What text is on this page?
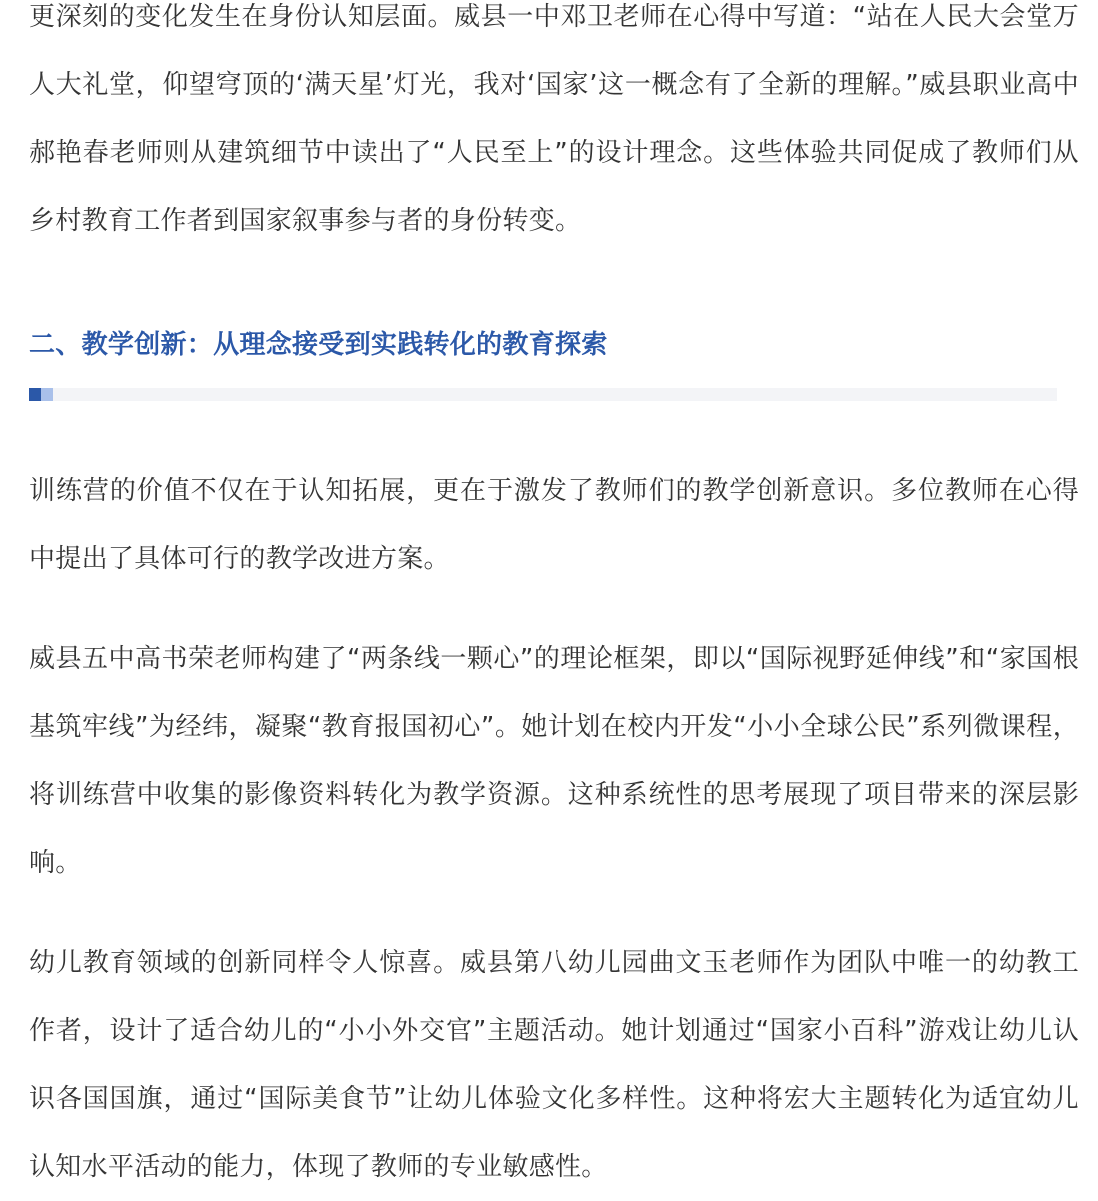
更深刻的变化发生在身份认知层面。威县一中邓卫老师在心得中写道：“站在人民大会堂万人大礼堂，仰望穹顶的‘满天星’灯光，我对‘国家’这一概念有了全新的理解。”威县职业高中郝艳春老师则从建筑细节中读出了“人民至上”的设计理念。这些体验共同促成了教师们从乡村教育工作者到国家叙事参与者的身份转变。

二、教学创新：从理念接受到实践转化的教育探索

训练营的价值不仅在于认知拓展，更在于激发了教师们的教学创新意识。多位教师在心得中提出了具体可行的教学改进方案。

威县五中高书荣老师构建了“两条线一颗心”的理论框架，即以“国际视野延伸线”和“家国根基筑牢线”为经纬，凝聚“教育报国初心”。她计划在校内开发“小小全球公民”系列微课程，将训练营中收集的影像资料转化为教学资源。这种系统性的思考展现了项目带来的深层影响。

幼儿教育领域的创新同样令人惊喜。威县第八幼儿园曲文玉老师作为团队中唯一的幼教工作者，设计了适合幼儿的“小小外交官”主题活动。她计划通过“国家小百科”游戏让幼儿认识各国国旗，通过“国际美食节”让幼儿体验文化多样性。这种将宏大主题转化为适宜幼儿认知水平活动的能力，体现了教师的专业敏感性。
